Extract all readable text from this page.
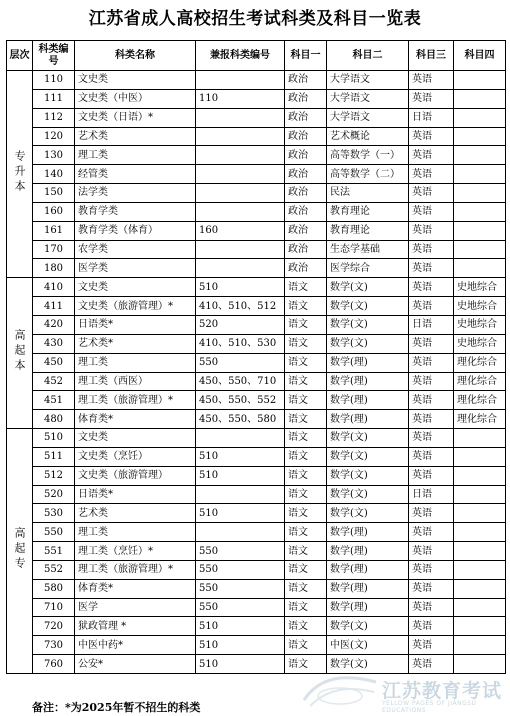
江苏省成人高校招生考试科类及科目一览表
层次	科类编号	科类名称	兼报科类编号	科目一	科目二	科目三	科目四
专升本	110	文史类		政治	大学语文	英语	
	111	文史类（中医）	110	政治	大学语文	英语	
	112	文史类（日语）*		政治	大学语文	日语	
	120	艺术类		政治	艺术概论	英语	
	130	理工类		政治	高等数学（一）	英语	
	140	经管类		政治	高等数学（二）	英语	
	150	法学类		政治	民法	英语	
	160	教育学类		政治	教育理论	英语	
	161	教育学类（体育）	160	政治	教育理论	英语	
	170	农学类		政治	生态学基础	英语	
	180	医学类		政治	医学综合	英语	
高起本	410	文史类	510	语文	数学(文)	英语	史地综合
	411	文史类（旅游管理）*	410、510、512	语文	数学(文)	英语	史地综合
	420	日语类*	520	语文	数学(文)	日语	史地综合
	430	艺术类*	410、510、530	语文	数学(文)	英语	史地综合
	450	理工类	550	语文	数学(理)	英语	理化综合
	452	理工类（西医）	450、550、710	语文	数学(理)	英语	理化综合
	451	理工类（旅游管理）*	450、550、552	语文	数学(理)	英语	理化综合
	480	体育类*	450、550、580	语文	数学(理)	英语	理化综合
高起专	510	文史类		语文	数学(文)	英语	
	511	文史类（烹饪）	510	语文	数学(文)	英语	
	512	文史类（旅游管理）	510	语文	数学(文)	英语	
	520	日语类*		语文	数学(文)	日语	
	530	艺术类	510	语文	数学(文)	英语	
	550	理工类		语文	数学(理)	英语	
	551	理工类（烹饪）*	550	语文	数学(理)	英语	
	552	理工类（旅游管理）*	550	语文	数学(理)	英语	
	580	体育类*	550	语文	数学(理)	英语	
	710	医学	550	语文	数学(理)	英语	
	720	狱政管理 *	510	语文	数学(文)	英语	
	730	中医中药*	510	语文	中医(文)	英语	
	760	公安*	510	语文	数学(文)	英语	
备注：*为2025年暂不招生的科类
江苏教育考试
YELLOW PAGES OF JIANGSU EDUCATIONS
